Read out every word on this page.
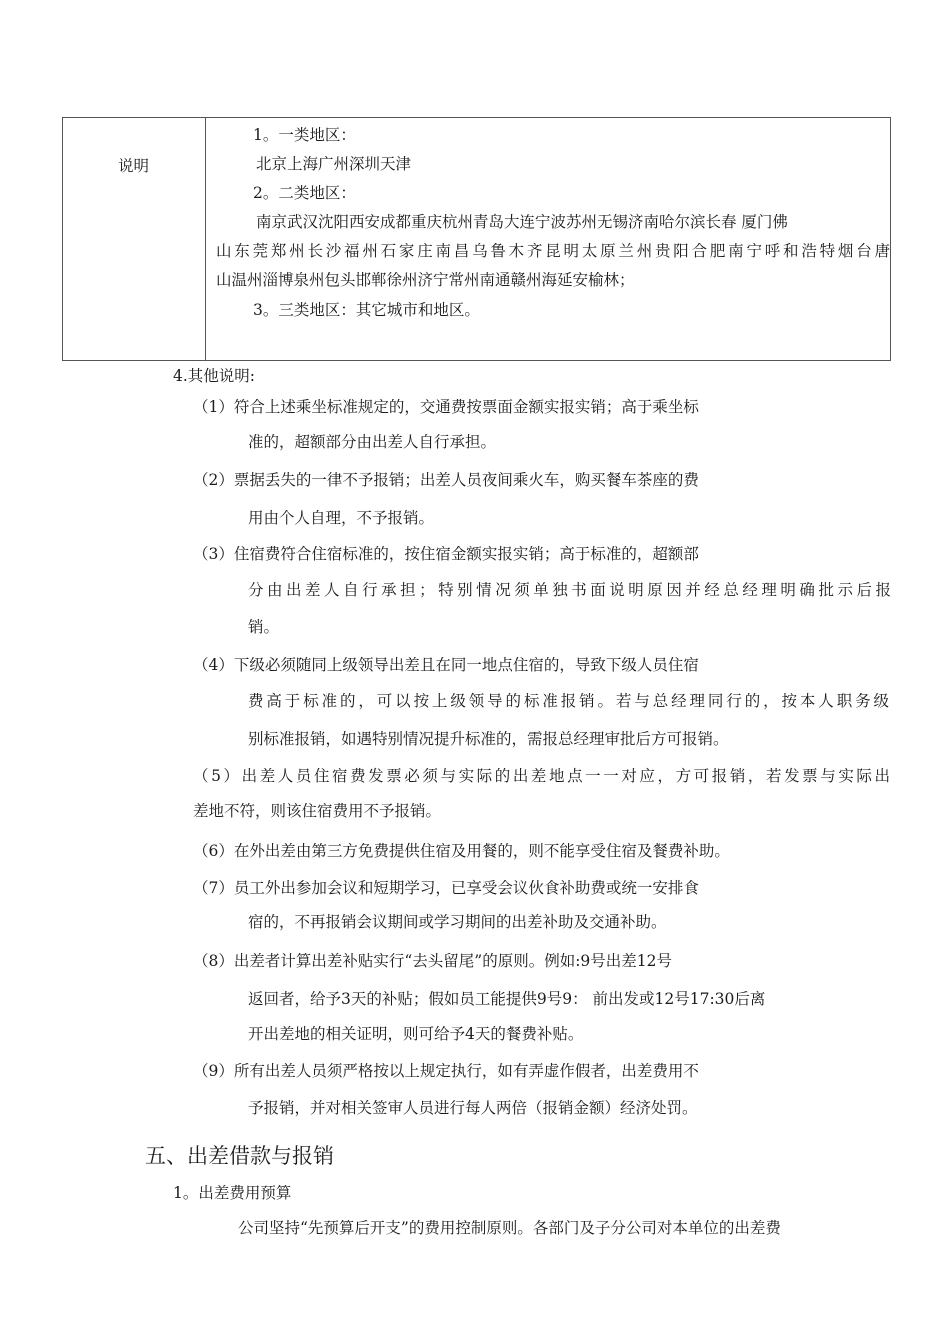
说明
1。一类地区：
北京上海广州深圳天津
2。二类地区：
南京武汉沈阳西安成都重庆杭州青岛大连宁波苏州无锡济南哈尔滨长春 厦门佛
山东莞郑州长沙福州石家庄南昌乌鲁木齐昆明太原兰州贵阳合肥南宁呼和浩特烟台唐
山温州淄博泉州包头邯郸徐州济宁常州南通赣州海延安榆林；
3。三类地区：其它城市和地区。
4.其他说明:
（1）符合上述乘坐标准规定的，交通费按票面金额实报实销；高于乘坐标
准的，超额部分由出差人自行承担。
（2）票据丢失的一律不予报销；出差人员夜间乘火车，购买餐车茶座的费
用由个人自理，不予报销。
（3）住宿费符合住宿标准的，按住宿金额实报实销；高于标准的，超额部
分由出差人自行承担；特别情况须单独书面说明原因并经总经理明确批示后报
销。
（4）下级必须随同上级领导出差且在同一地点住宿的，导致下级人员住宿
费高于标准的，可以按上级领导的标准报销。若与总经理同行的，按本人职务级
别标准报销，如遇特别情况提升标准的，需报总经理审批后方可报销。
（5）出差人员住宿费发票必须与实际的出差地点一一对应，方可报销，若发票与实际出
差地不符，则该住宿费用不予报销。
（6）在外出差由第三方免费提供住宿及用餐的，则不能享受住宿及餐费补助。
（7）员工外出参加会议和短期学习，已享受会议伙食补助费或统一安排食
宿的，不再报销会议期间或学习期间的出差补助及交通补助。
（8）出差者计算出差补贴实行“去头留尾”的原则。例如:9号出差12号
返回者，给予3天的补贴；假如员工能提供9号9： 前出发或12号17:30后离
开出差地的相关证明，则可给予4天的餐费补贴。
（9）所有出差人员须严格按以上规定执行，如有弄虚作假者，出差费用不
予报销，并对相关签审人员进行每人两倍（报销金额）经济处罚。
五、出差借款与报销
1。出差费用预算
公司坚持“先预算后开支”的费用控制原则。各部门及子分公司对本单位的出差费
